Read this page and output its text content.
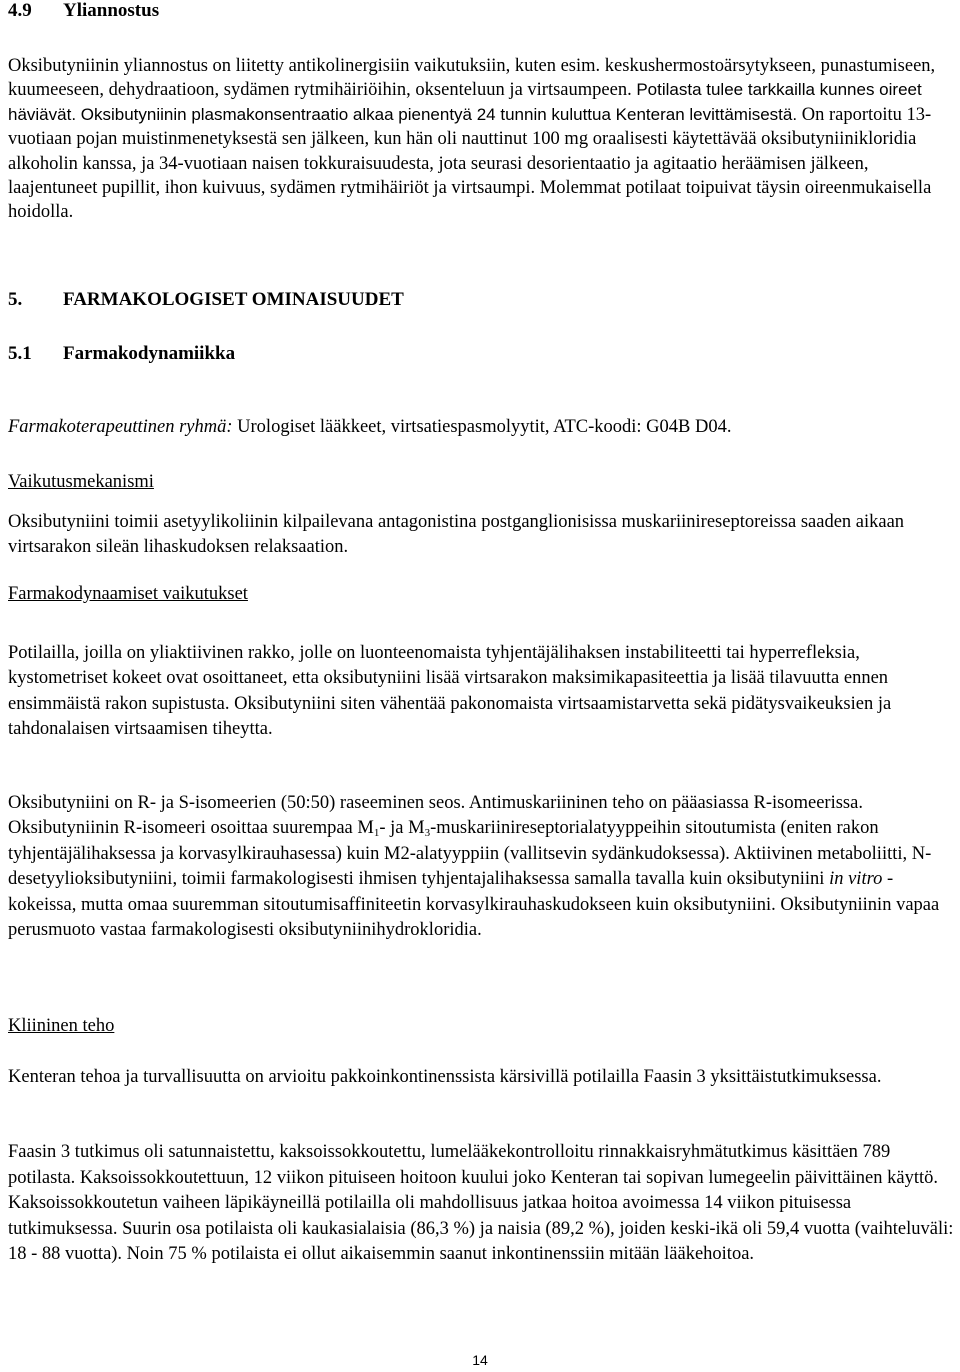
4.9 Yliannostus

Oksibutyniinin yliannostus on liitetty antikolinergisiin vaikutuksiin, kuten esim. keskushermostoärsytykseen, punastumiseen, kuumeeseen, dehydraatioon, sydämen rytmihäiriöihin, oksenteluun ja virtsaumpeen. Potilasta tulee tarkkailla kunnes oireet häviävät. Oksibutyniinin plasmakonsentraatio alkaa pienentyä 24 tunnin kuluttua Kenteran levittämisestä. On raportoitu 13-vuotiaan pojan muistinmenetyksestä sen jälkeen, kun hän oli nauttinut 100 mg oraalisesti käytettävää oksibutyniinikloridia alkoholin kanssa, ja 34-vuotiaan naisen tokkuraisuudesta, jota seurasi desorientaatio ja agitaatio heräämisen jälkeen, laajentuneet pupillit, ihon kuivuus, sydämen rytmihäiriöt ja virtsaumpi. Molemmat potilaat toipuivat täysin oireenmukaisella hoidolla.

5. FARMAKOLOGISET OMINAISUUDET
5.1 Farmakodynamiikka

Farmakoterapeuttinen ryhmä: Urologiset lääkkeet, virtsatiespasmolyytit, ATC-koodi: G04B D04.

Vaikutusmekanismi

Oksibutyniini toimii asetyylikoliinin kilpailevana antagonistina postganglionisissa muskariinireseptoreissa saaden aikaan virtsarakon sileän lihaskudoksen relaksaation.

Farmakodynaamiset vaikutukset

Potilailla, joilla on yliaktiivinen rakko, jolle on luonteenomaista tyhjentäjälihaksen instabiliteetti tai hyperrefleksia, kystometriset kokeet ovat osoittaneet, etta oksibutyniini lisää virtsarakon maksimikapasiteettia ja lisää tilavuutta ennen ensimmäistä rakon supistusta. Oksibutyniini siten vähentää pakonomaista virtsaamistarvetta sekä pidätysvaikeuksien ja tahdonalaisen virtsaamisen tiheytta.

Oksibutyniini on R- ja S-isomeerien (50:50) raseeminen seos. Antimuskariininen teho on pääasiassa R-isomeerissa. Oksibutyniinin R-isomeeri osoittaa suurempaa $M_1-$ ja $M_3$-muskariinireseptorialatyyppeihin sitoutumista (eniten rakon tyhjentäjälihaksessa ja korvasylkirauhasessa) kuin M2-alatyyppiin (vallitsevin sydänkudoksessa). Aktiivinen metaboliitti, N-desetyylioksibutyniini, toimii farmakologisesti ihmisen tyhjentajalihaksessa samalla tavalla kuin oksibutyniini in vitro -kokeissa, mutta omaa suuremman sitoutumisaffiniteetin korvasylkirauhaskudokseen kuin oksibutyniini. Oksibutyniinin vapaa perusmuoto vastaa farmakologisesti oksibutyniinihydrokloridia.

Kliininen teho

Kenteran tehoa ja turvallisuutta on arvioitu pakkoinkontinenssista kärsivillä potilailla Faasin 3 yksittäistutkimuksessa.

Faasin 3 tutkimus oli satunnaistettu, kaksoissokkoutettu, lumelääkekontrolloitu rinnakkaisryhmätutkimus käsittäen 789 potilasta. Kaksoissokkoutettuun, 12 viikon pituiseen hoitoon kuului joko Kenteran tai sopivan lumegeelin päivittäinen käyttö. Kaksoissokkoutetun vaiheen läpikäyneillä potilailla oli mahdollisuus jatkaa hoitoa avoimessa 14 viikon pituisessa tutkimuksessa. Suurin osa potilaista oli kaukasialaisia (86,3 %) ja naisia (89,2 %), joiden keski-ikä oli 59,4 vuotta (vaihteluväli: 18 - 88 vuotta). Noin 75 % potilaista ei ollut aikaisemmin saanut inkontinenssiin mitään lääkehoitoa.

14
